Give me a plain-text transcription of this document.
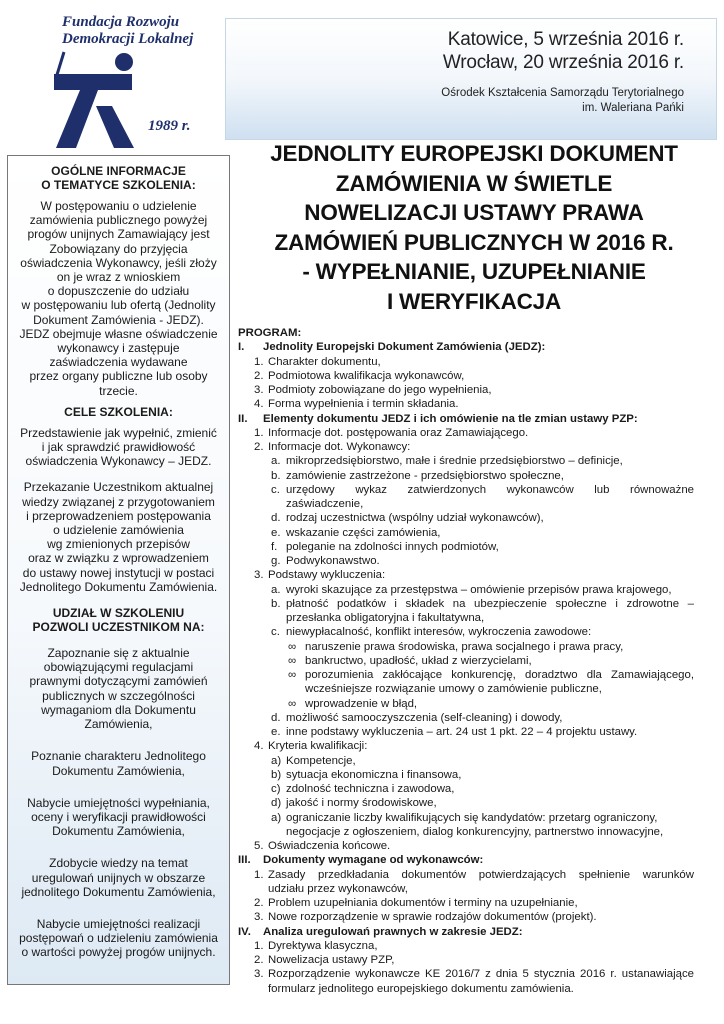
Fundacja Rozwoju
Demokracji Lokalnej
1989 r.
Katowice, 5 września 2016 r.
Wrocław, 20 września 2016 r.
Ośrodek Kształcenia Samorządu Terytorialnego
im. Waleriana Pańki
OGÓLNE INFORMACJE
O TEMATYCE SZKOLENIA:
W postępowaniu o udzielenie
zamówienia publicznego powyżej
progów unijnych Zamawiający jest
Zobowiązany do przyjęcia
oświadczenia Wykonawcy, jeśli złoży
on je wraz z wnioskiem
o dopuszczenie do udziału
w postępowaniu lub ofertą (Jednolity
Dokument Zamówienia - JEDZ).
JEDZ obejmuje własne oświadczenie
wykonawcy i zastępuje
zaświadczenia wydawane
przez organy publiczne lub osoby
trzecie.
CELE SZKOLENIA:
Przedstawienie jak wypełnić, zmienić
i jak sprawdzić prawidłowość
oświadczenia Wykonawcy – JEDZ.
Przekazanie Uczestnikom aktualnej
wiedzy związanej z przygotowaniem
i przeprowadzeniem postępowania
o udzielenie zamówienia
wg zmienionych przepisów
oraz w związku z wprowadzeniem
do ustawy nowej instytucji w postaci
Jednolitego Dokumentu Zamówienia.
UDZIAŁ W SZKOLENIU
POZWOLI UCZESTNIKOM NA:
Zapoznanie się z aktualnie
obowiązującymi regulacjami
prawnymi dotyczącymi zamówień
publicznych w szczególności
wymaganiom dla Dokumentu
Zamówienia,
Poznanie charakteru Jednolitego
Dokumentu Zamówienia,
Nabycie umiejętności wypełniania,
oceny i weryfikacji prawidłowości
Dokumentu Zamówienia,
Zdobycie wiedzy na temat
uregulowań unijnych w obszarze
jednolitego Dokumentu Zamówienia,
Nabycie umiejętności realizacji
postępowań o udzieleniu zamówienia
o wartości powyżej progów unijnych.
JEDNOLITY EUROPEJSKI DOKUMENT
ZAMÓWIENIA W ŚWIETLE
NOWELIZACJI USTAWY PRAWA
ZAMÓWIEŃ PUBLICZNYCH W 2016 R.
- WYPEŁNIANIE, UZUPEŁNIANIE
I WERYFIKACJA
PROGRAM:
I. Jednolity Europejski Dokument Zamówienia (JEDZ):
1. Charakter dokumentu,
2. Podmiotowa kwalifikacja wykonawców,
3. Podmioty zobowiązane do jego wypełnienia,
4. Forma wypełnienia i termin składania.
II. Elementy dokumentu JEDZ i ich omówienie na tle zmian ustawy PZP:
1. Informacje dot. postępowania oraz Zamawiającego.
2. Informacje dot. Wykonawcy:
a. mikroprzedsiębiorstwo, małe i średnie przedsiębiorstwo – definicje,
b. zamówienie zastrzeżone - przedsiębiorstwo społeczne,
c. urzędowy wykaz zatwierdzonych wykonawców lub równoważne
zaświadczenie,
d. rodzaj uczestnictwa (wspólny udział wykonawców),
e. wskazanie części zamówienia,
f. poleganie na zdolności innych podmiotów,
g. Podwykonawstwo.
3. Podstawy wykluczenia:
a. wyroki skazujące za przestępstwa – omówienie przepisów prawa krajowego,
b. płatność podatków i składek na ubezpieczenie społeczne i zdrowotne –
przesłanka obligatoryjna i fakultatywna,
c. niewypłacalność, konflikt interesów, wykroczenia zawodowe:
∞ naruszenie prawa środowiska, prawa socjalnego i prawa pracy,
∞ bankructwo, upadłość, układ z wierzycielami,
∞ porozumienia zakłócające konkurencję, doradztwo dla Zamawiającego,
wcześniejsze rozwiązanie umowy o zamówienie publiczne,
∞ wprowadzenie w błąd,
d. możliwość samooczyszczenia (self-cleaning) i dowody,
e. inne podstawy wykluczenia – art. 24 ust 1 pkt. 22 – 4 projektu ustawy.
4. Kryteria kwalifikacji:
a) Kompetencje,
b) sytuacja ekonomiczna i finansowa,
c) zdolność techniczna i zawodowa,
d) jakość i normy środowiskowe,
a) ograniczanie liczby kwalifikujących się kandydatów: przetarg ograniczony,
negocjacje z ogłoszeniem, dialog konkurencyjny, partnerstwo innowacyjne,
5. Oświadczenia końcowe.
III. Dokumenty wymagane od wykonawców:
1. Zasady przedkładania dokumentów potwierdzających spełnienie warunków
udziału przez wykonawców,
2. Problem uzupełniania dokumentów i terminy na uzupełnianie,
3. Nowe rozporządzenie w sprawie rodzajów dokumentów (projekt).
IV. Analiza uregulowań prawnych w zakresie JEDZ:
1. Dyrektywa klasyczna,
2. Nowelizacja ustawy PZP,
3. Rozporządzenie wykonawcze KE 2016/7 z dnia 5 stycznia 2016 r. ustanawiające
formularz jednolitego europejskiego dokumentu zamówienia.
